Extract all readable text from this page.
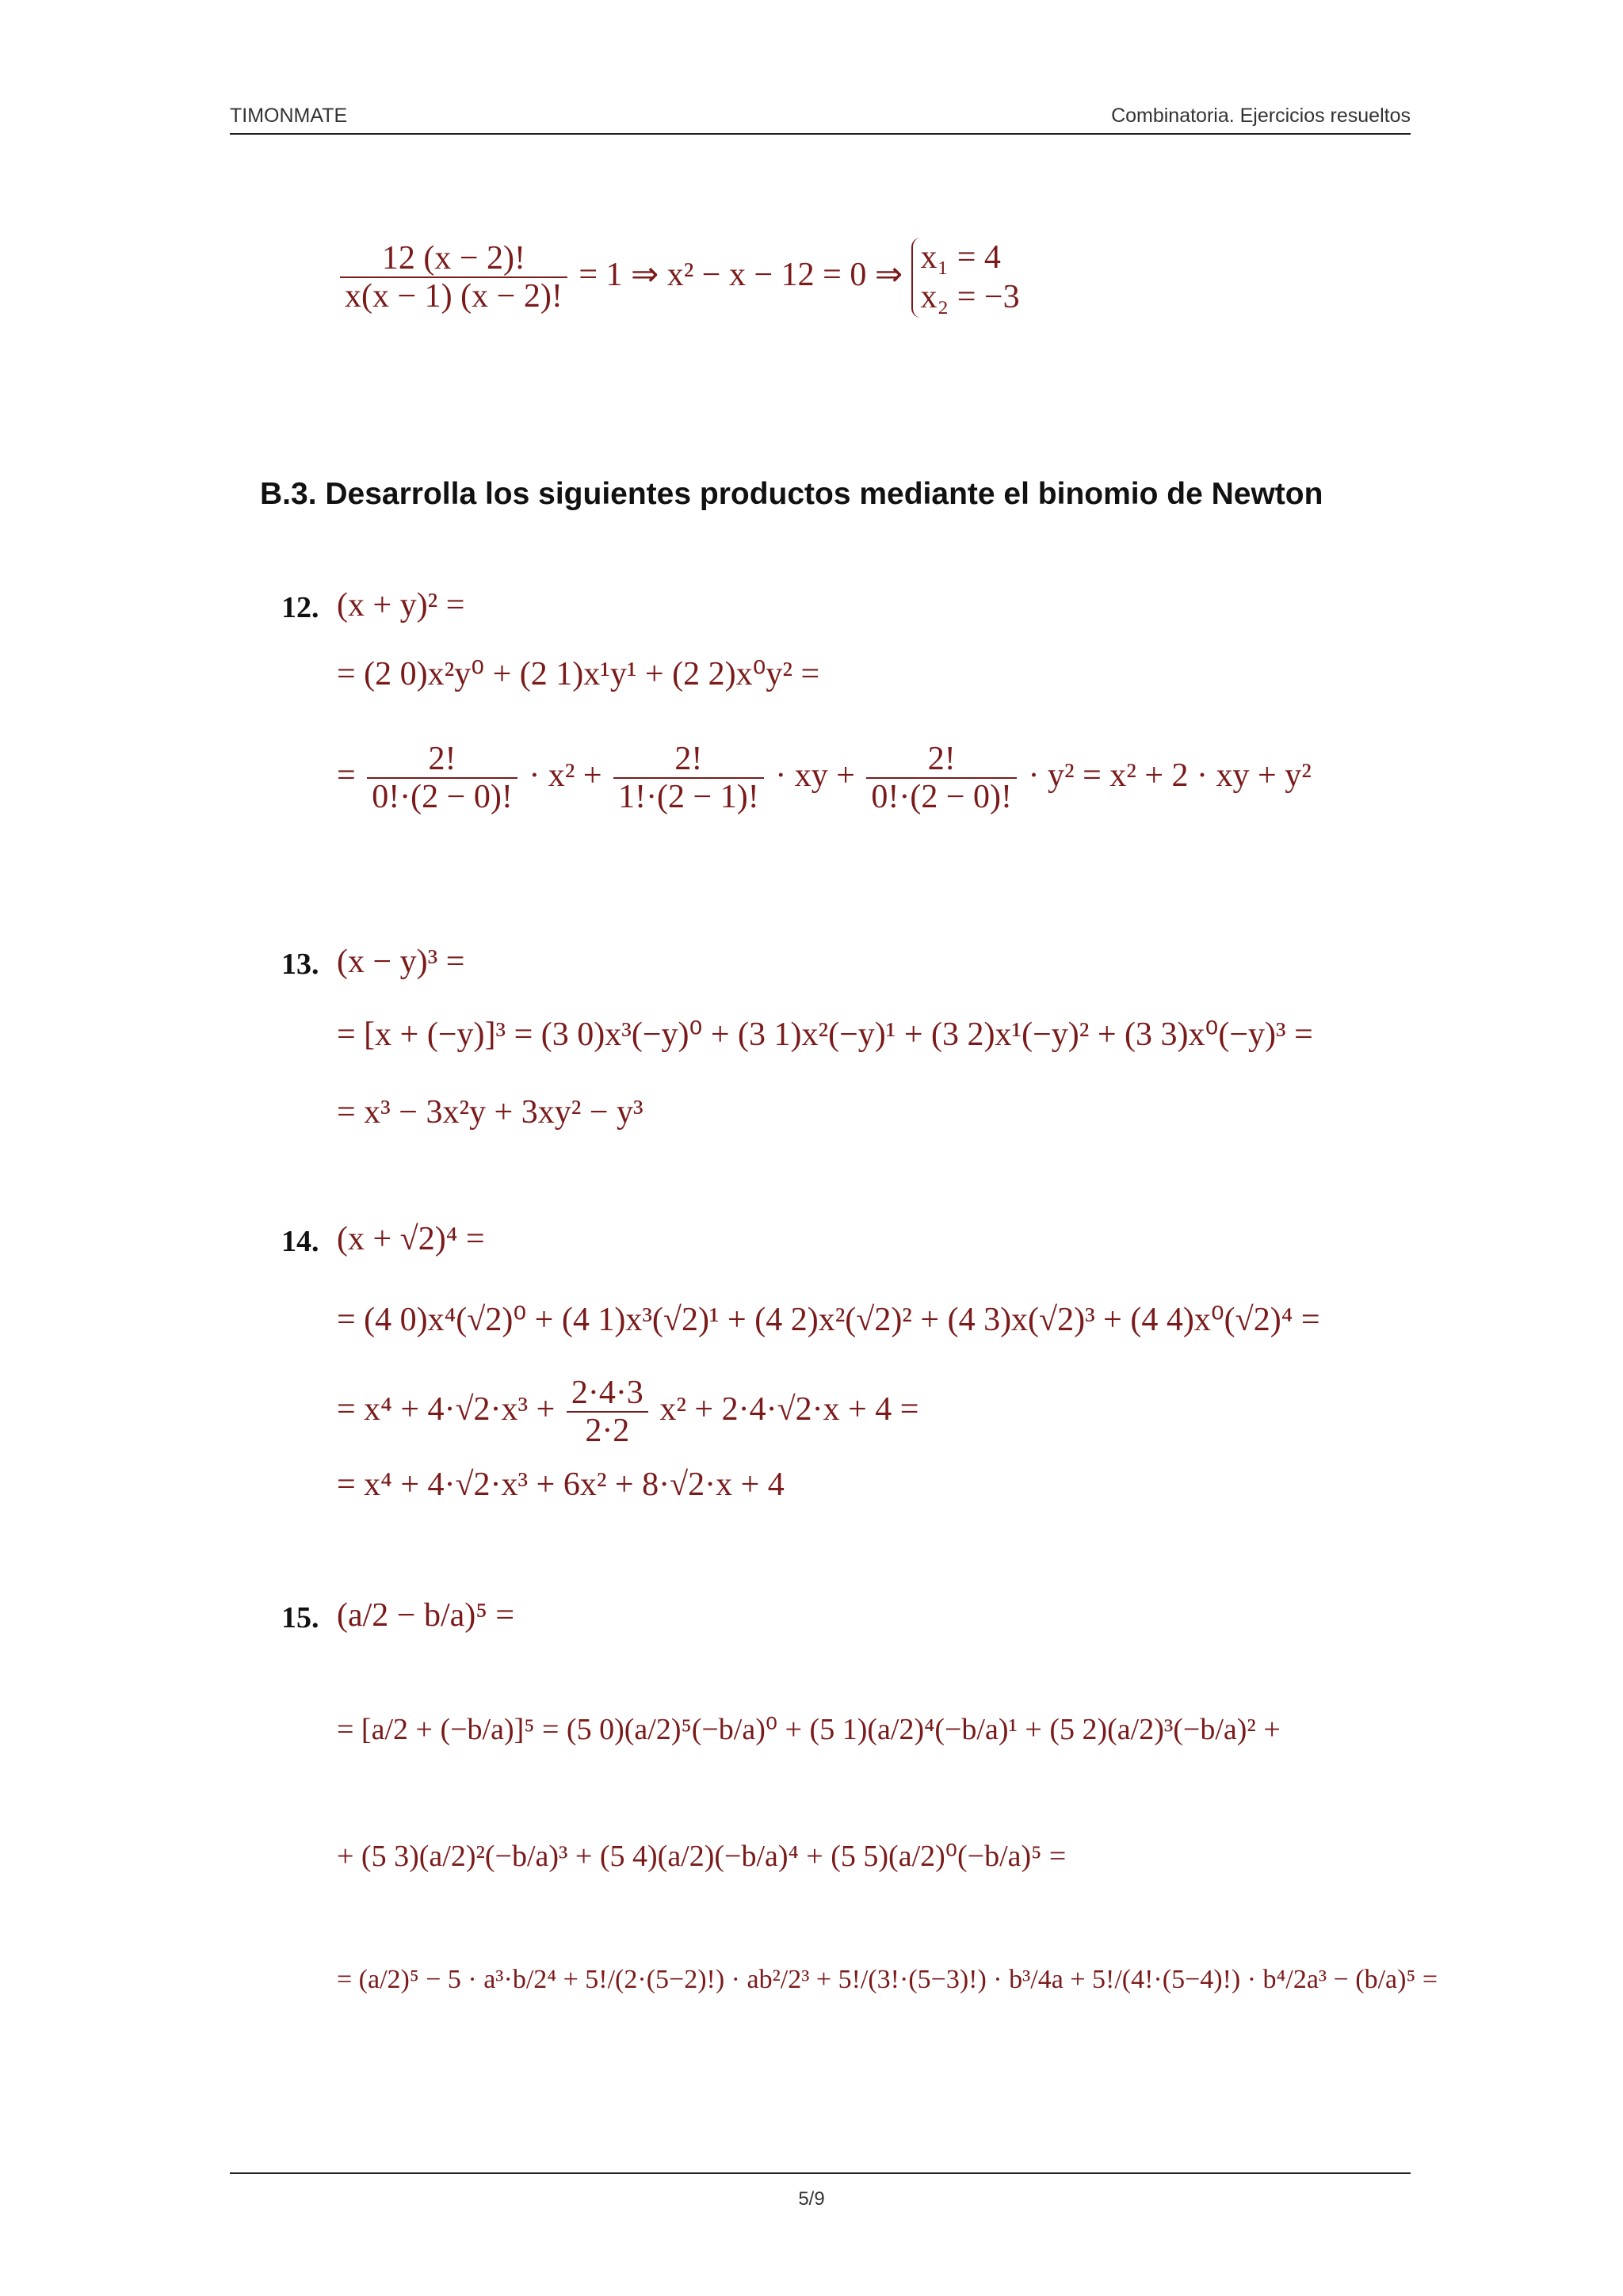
TIMONMATE	Combinatoria. Ejercicios resueltos
$\frac{12 (x - 2)!}{x(x - 1) (x - 2)!} = 1$ ⇒ x² − x − 12 = 0 ⇒ x₁ = 4
x₂ = −3
B.3. Desarrolla los siguientes productos mediante el binomio de Newton
12. (x + y)² =
= (2 0)x²y⁰ + (2 1)x¹y¹ + (2 2)x⁰y² =
= $\frac{2!}{0!\cdot(2 - 0)!} \cdot x^2 + \frac{2!}{1!\cdot(2 - 1)!}$ · xy + $\frac{2!}{0!\cdot(2 - 0)!} \cdot y^2 = x^2 + 2$ · xy + y²
13. (x − y)³ =
= [x + (−y)]³ = (3 0)x³(−y)⁰ + (3 1)x²(−y)¹ + (3 2)x¹(−y)² + (3 3)x⁰(−y)³ =
= x³ − 3x²y + 3xy² − y³
14. (x + √2)⁴ =
= (4 0)x⁴(√2)⁰ + (4 1)x³(√2)¹ + (4 2)x²(√2)² + (4 3)x(√2)³ + (4 4)x⁰(√2)⁴ =
= $x^4 + 4\cdot√2\cdot x^3 + \frac{2\cdot 4\cdot 3}{2\cdot 2} x^2 + 2\cdot 4\cdot√2\cdot x + 4$ =
= x⁴ + 4·√2·x³ + 6x² + 8·√2·x + 4
15. (a/2 − b/a)⁵ =
= [a/2 + (−b/a)]⁵ = (5 0)(a/2)⁵(−b/a)⁰ + (5 1)(a/2)⁴(−b/a)¹ + (5 2)(a/2)³(−b/a)² +
+ (5 3)(a/2)²(−b/a)³ + (5 4)(a/2)(−b/a)⁴ + (5 5)(a/2)⁰(−b/a)⁵ =
= (a/2)⁵ − 5 · a³·b/2⁴ + 5!/(2·(5−2)!) · ab²/2³ + 5!/(3!·(5−3)!) · b³/4a + 5!/(4!·(5−4)!) · b⁴/2a³ − (b/a)⁵ =
5/9
